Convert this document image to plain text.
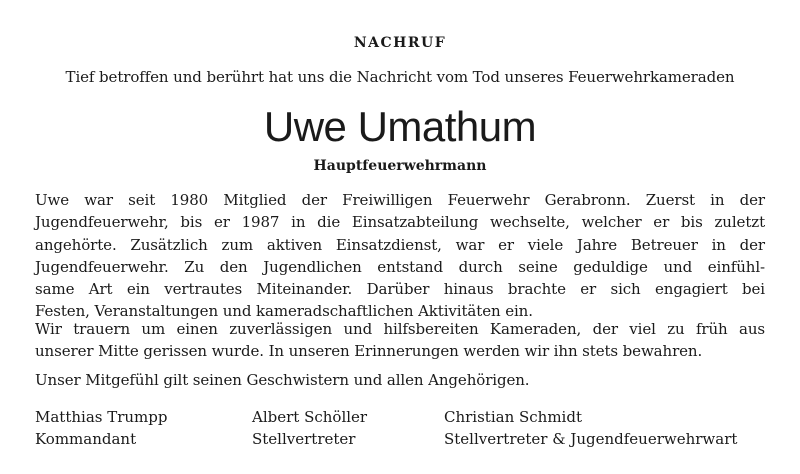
NACHRUF
Tief betroffen und berührt hat uns die Nachricht vom Tod unseres Feuerwehrkameraden
Uwe Umathum
Hauptfeuerwehrmann
Uwe war seit 1980 Mitglied der Freiwilligen Feuerwehr Gerabronn. Zuerst in der
Jugendfeuerwehr, bis er 1987 in die Einsatzabteilung wechselte, welcher er bis zuletzt
angehörte. Zusätzlich zum aktiven Einsatzdienst, war er viele Jahre Betreuer in der
Jugendfeuerwehr. Zu den Jugendlichen entstand durch seine geduldige und einfühl-
same Art ein vertrautes Miteinander. Darüber hinaus brachte er sich engagiert bei
Festen, Veranstaltungen und kameradschaftlichen Aktivitäten ein.
Wir trauern um einen zuverlässigen und hilfsbereiten Kameraden, der viel zu früh aus
unserer Mitte gerissen wurde. In unseren Erinnerungen werden wir ihn stets bewahren.
Unser Mitgefühl gilt seinen Geschwistern und allen Angehörigen.
Matthias Trumpp
Kommandant
Albert Schöller
Stellvertreter
Christian Schmidt
Stellvertreter & Jugendfeuerwehrwart
